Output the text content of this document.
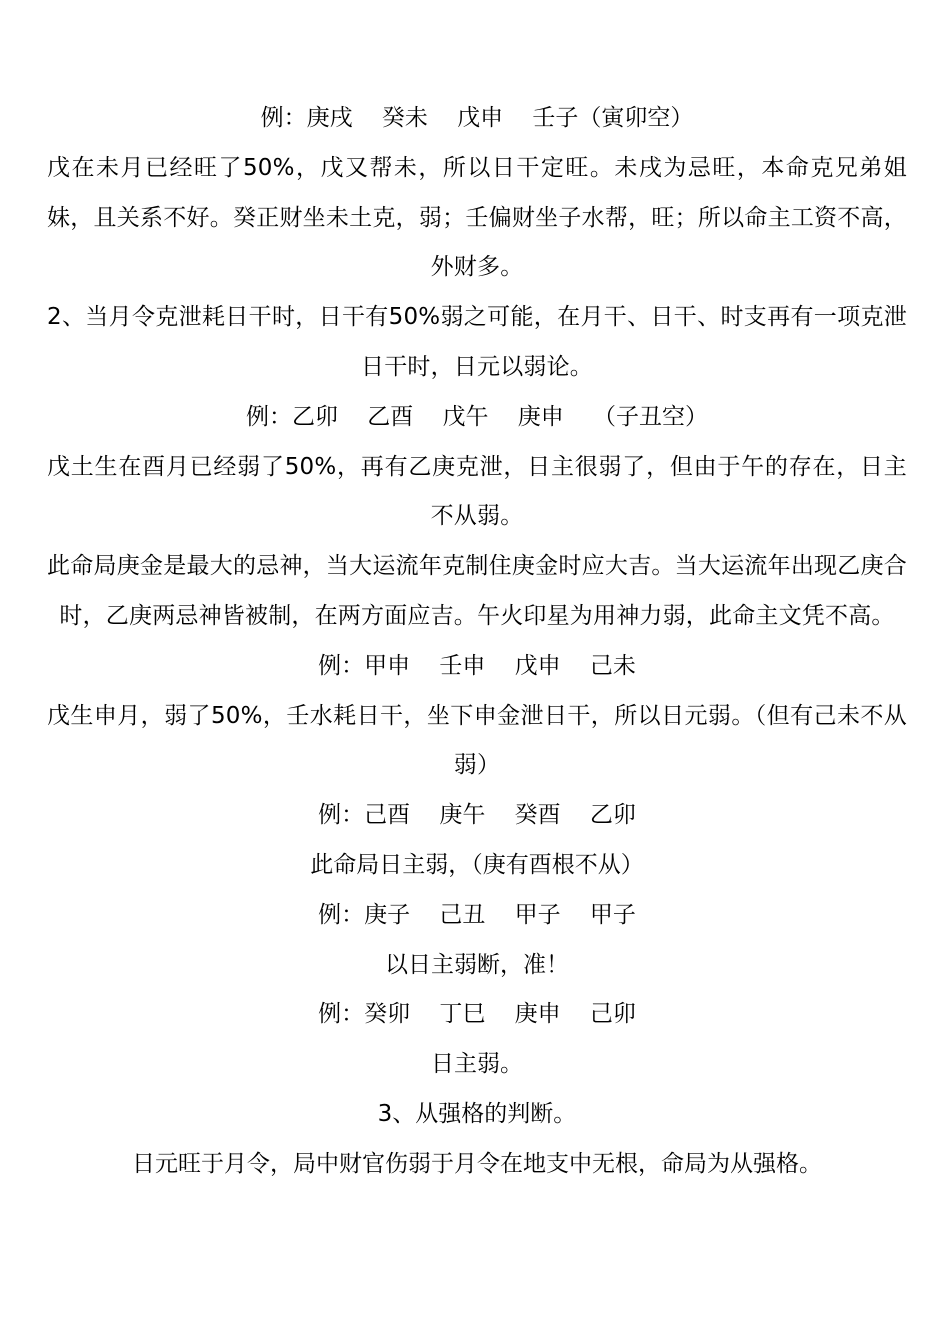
例：庚戌    癸未    戊申    壬子（寅卯空）

戊在未月已经旺了50%，戊又帮未，所以日干定旺。未戌为忌旺，本命克兄弟姐妹，且关系不好。癸正财坐未土克，弱；壬偏财坐子水帮，旺；所以命主工资不高，外财多。

2、当月令克泄耗日干时，日干有50%弱之可能，在月干、日干、时支再有一项克泄日干时，日元以弱论。

例：乙卯    乙酉    戊午    庚申    （子丑空）

戊土生在酉月已经弱了50%，再有乙庚克泄，日主很弱了，但由于午的存在，日主不从弱。

此命局庚金是最大的忌神，当大运流年克制住庚金时应大吉。当大运流年出现乙庚合时，乙庚两忌神皆被制，在两方面应吉。午火印星为用神力弱，此命主文凭不高。

例：甲申    壬申    戊申    己未

戊生申月，弱了50%，壬水耗日干，坐下申金泄日干，所以日元弱。（但有己未不从弱）

例：己酉    庚午    癸酉    乙卯

此命局日主弱，（庚有酉根不从）

例：庚子    己丑    甲子    甲子

以日主弱断，准！

例：癸卯    丁巳    庚申    己卯

日主弱。

3、从强格的判断。

日元旺于月令，局中财官伤弱于月令在地支中无根，命局为从强格。
